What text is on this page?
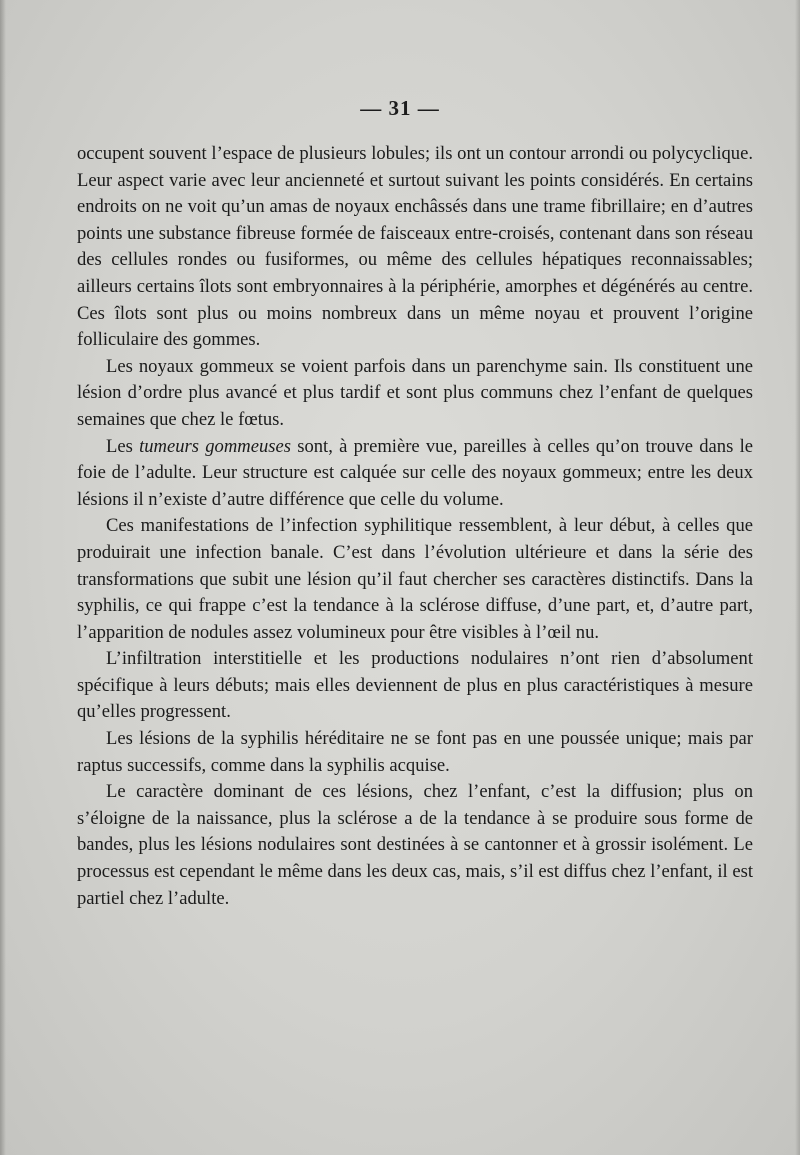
— 31 —

occupent souvent l’espace de plusieurs lobules; ils ont un contour arrondi ou polycyclique. Leur aspect varie avec leur ancienneté et surtout suivant les points considérés. En certains endroits on ne voit qu’un amas de noyaux enchâssés dans une trame fibrillaire; en d’autres points une substance fibreuse formée de faisceaux entre-croisés, contenant dans son réseau des cellules rondes ou fusiformes, ou même des cellules hépatiques reconnaissables; ailleurs certains îlots sont embryonnaires à la périphérie, amorphes et dégénérés au centre. Ces îlots sont plus ou moins nombreux dans un même noyau et prouvent l’origine folliculaire des gommes.

Les noyaux gommeux se voient parfois dans un parenchyme sain. Ils constituent une lésion d’ordre plus avancé et plus tardif et sont plus communs chez l’enfant de quelques semaines que chez le fœtus.

Les tumeurs gommeuses sont, à première vue, pareilles à celles qu’on trouve dans le foie de l’adulte. Leur structure est calquée sur celle des noyaux gommeux; entre les deux lésions il n’existe d’autre différence que celle du volume.

Ces manifestations de l’infection syphilitique ressemblent, à leur début, à celles que produirait une infection banale. C’est dans l’évolution ultérieure et dans la série des transformations que subit une lésion qu’il faut chercher ses caractères distinctifs. Dans la syphilis, ce qui frappe c’est la tendance à la sclérose diffuse, d’une part, et, d’autre part, l’apparition de nodules assez volumineux pour être visibles à l’œil nu.

L’infiltration interstitielle et les productions nodulaires n’ont rien d’absolument spécifique à leurs débuts; mais elles deviennent de plus en plus caractéristiques à mesure qu’elles progressent.

Les lésions de la syphilis héréditaire ne se font pas en une poussée unique; mais par raptus successifs, comme dans la syphilis acquise.

Le caractère dominant de ces lésions, chez l’enfant, c’est la diffusion; plus on s’éloigne de la naissance, plus la sclérose a de la tendance à se produire sous forme de bandes, plus les lésions nodulaires sont destinées à se cantonner et à grossir isolément. Le processus est cependant le même dans les deux cas, mais, s’il est diffus chez l’enfant, il est partiel chez l’adulte.
